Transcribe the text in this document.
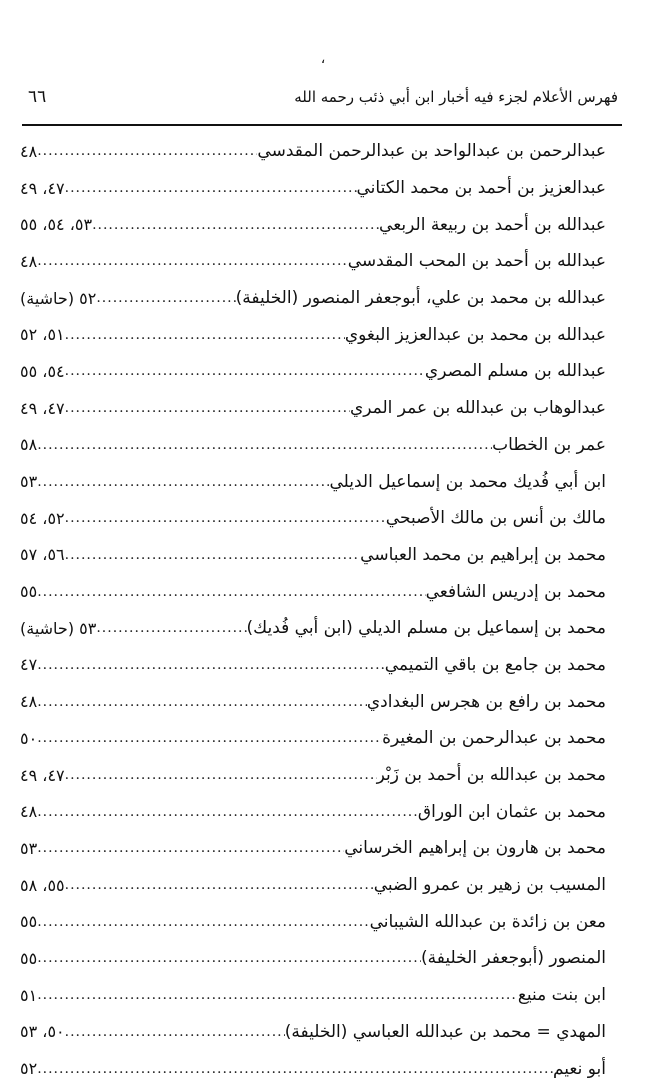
،
٦٦	فهرس الأعلام لجزء فيه أخبار ابن أبي ذئب رحمه الله
عبدالرحمن بن عبدالواحد بن عبدالرحمن المقدسي
.....
٤٨
عبدالعزيز بن أحمد بن محمد الكتاني
.....
٤٧، ٤٩
عبدالله بن أحمد بن ربيعة الربعي
.....
٥٣، ٥٤، ٥٥
عبدالله بن أحمد بن المحب المقدسي
.....
٤٨
عبدالله بن محمد بن علي، أبوجعفر المنصور (الخليفة)
.....
٥٢ (حاشية)
عبدالله بن محمد بن عبدالعزيز البغوي
.....
٥١، ٥٢
عبدالله بن مسلم المصري
.....
٥٤، ٥٥
عبدالوهاب بن عبدالله بن عمر المري
.....
٤٧، ٤٩
عمر بن الخطاب
.....
٥٨
ابن أبي فُديك محمد بن إسماعيل الديلي
.....
٥٣
مالك بن أنس بن مالك الأصبحي
.....
٥٢، ٥٤
محمد بن إبراهيم بن محمد العباسي
.....
٥٦، ٥٧
محمد بن إدريس الشافعي
.....
٥٥
محمد بن إسماعيل بن مسلم الديلي (ابن أبي فُديك)
.....
٥٣ (حاشية)
محمد بن جامع بن باقي التميمي
.....
٤٧
محمد بن رافع بن هجرس البغدادي
.....
٤٨
محمد بن عبدالرحمن بن المغيرة
.....
٥٠
محمد بن عبدالله بن أحمد بن زَبْر
.....
٤٧، ٤٩
محمد بن عثمان ابن الوراق
.....
٤٨
محمد بن هارون بن إبراهيم الخرساني
.....
٥٣
المسيب بن زهير بن عمرو الضبي
.....
٥٥، ٥٨
معن بن زائدة بن عبدالله الشيباني
.....
٥٥
المنصور (أبوجعفر الخليفة)
.....
٥٥
ابن بنت منيع
.....
٥١
المهدي = محمد بن عبدالله العباسي (الخليفة)
.....
٥٠، ٥٣
أبو نعيم
.....
٥٢
